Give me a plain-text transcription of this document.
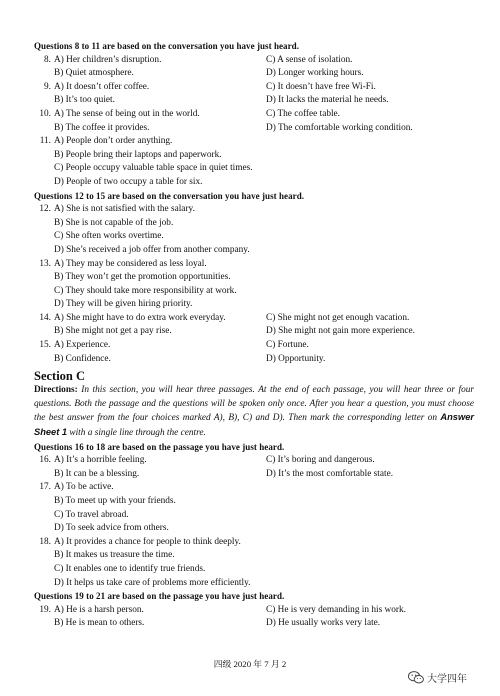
Questions 8 to 11 are based on the conversation you have just heard.
8. A) Her children’s disruption.	C) A sense of isolation.
B) Quiet atmosphere.	D) Longer working hours.
9. A) It doesn’t offer coffee.	C) It doesn’t have free Wi-Fi.
B) It’s too quiet.	D) It lacks the material he needs.
10. A) The sense of being out in the world.	C) The coffee table.
B) The coffee it provides.	D) The comfortable working condition.
11. A) People don’t order anything.
B) People bring their laptops and paperwork.
C) People occupy valuable table space in quiet times.
D) People of two occupy a table for six.
Questions 12 to 15 are based on the conversation you have just heard.
12. A) She is not satisfied with the salary.
B) She is not capable of the job.
C) She often works overtime.
D) She’s received a job offer from another company.
13. A) They may be considered as less loyal.
B) They won’t get the promotion opportunities.
C) They should take more responsibility at work.
D) They will be given hiring priority.
14. A) She might have to do extra work everyday.	C) She might not get enough vacation.
B) She might not get a pay rise.	D) She might not gain more experience.
15. A) Experience.	C) Fortune.
B) Confidence.	D) Opportunity.
Section C
Directions: In this section, you will hear three passages. At the end of each passage, you will hear three or four questions. Both the passage and the questions will be spoken only once. After you hear a question, you must choose the best answer from the four choices marked A), B), C) and D). Then mark the corresponding letter on Answer Sheet 1 with a single line through the centre.
Questions 16 to 18 are based on the passage you have just heard.
16. A) It’s a horrible feeling.	C) It’s boring and dangerous.
B) It can be a blessing.	D) It’s the most comfortable state.
17. A) To be active.
B) To meet up with your friends.
C) To travel abroad.
D) To seek advice from others.
18. A) It provides a chance for people to think deeply.
B) It makes us treasure the time.
C) It enables one to identify true friends.
D) It helps us take care of problems more efficiently.
Questions 19 to 21 are based on the passage you have just heard.
19. A) He is a harsh person.	C) He is very demanding in his work.
B) He is mean to others.	D) He usually works very late.
四级 2020 年 7 月 2
大学四年
